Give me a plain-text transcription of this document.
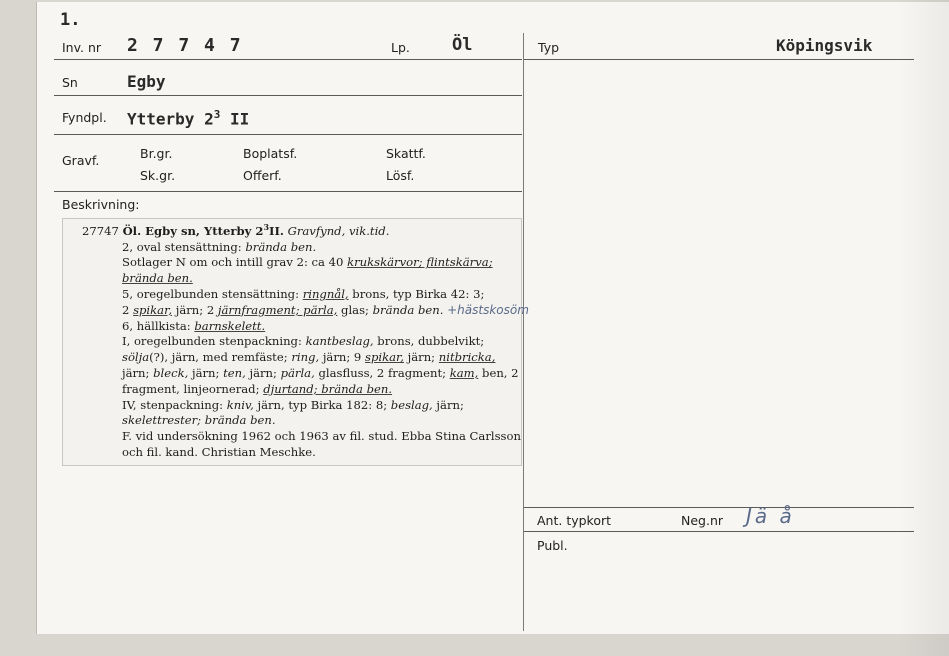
1.
Inv. nr 2 7 7 4 7	Lp. Öl	Typ	Köpingsvik
Sn	Egby
Fyndpl. Ytterby $2^3$ II
Gravf.	Br.gr.	Boplatsf.	Skattf.
Sk.gr.	Offerf.	Lösf.
Beskrivning:
27747 Öl. Egby sn, Ytterby $2^3II$. Gravfynd, vik.tid.
2, oval stensättning: brända ben.
Sotlager N om och intill grav 2: ca 40 krukskärvor; flintskärva;
brända ben.
5, oregelbunden stensättning: ringnål, brons, typ Birka 42: 3;
2 spikar, järn; 2 järnfragment; pärla, glas; brända ben. +hästskosöm
6, hällkista: barnskelett.
I, oregelbunden stenpackning: kantbeslag, brons, dubbelvikt;
sölja(?), järn, med remfäste; ring, järn; 9 spikar, järn; nitbricka,
järn; bleck, järn; ten, järn; pärla, glasfluss, 2 fragment; kam, ben, 2
fragment, linjeornerad; djurtand; brända ben.
IV, stenpackning: kniv, järn, typ Birka 182: 8; beslag, järn;
skelettrester; brända ben.
F. vid undersökning 1962 och 1963 av fil. stud. Ebba Stina Carlsson
och fil. kand. Christian Meschke.
Ant. typkort	Neg.nr Jä å
Publ.
